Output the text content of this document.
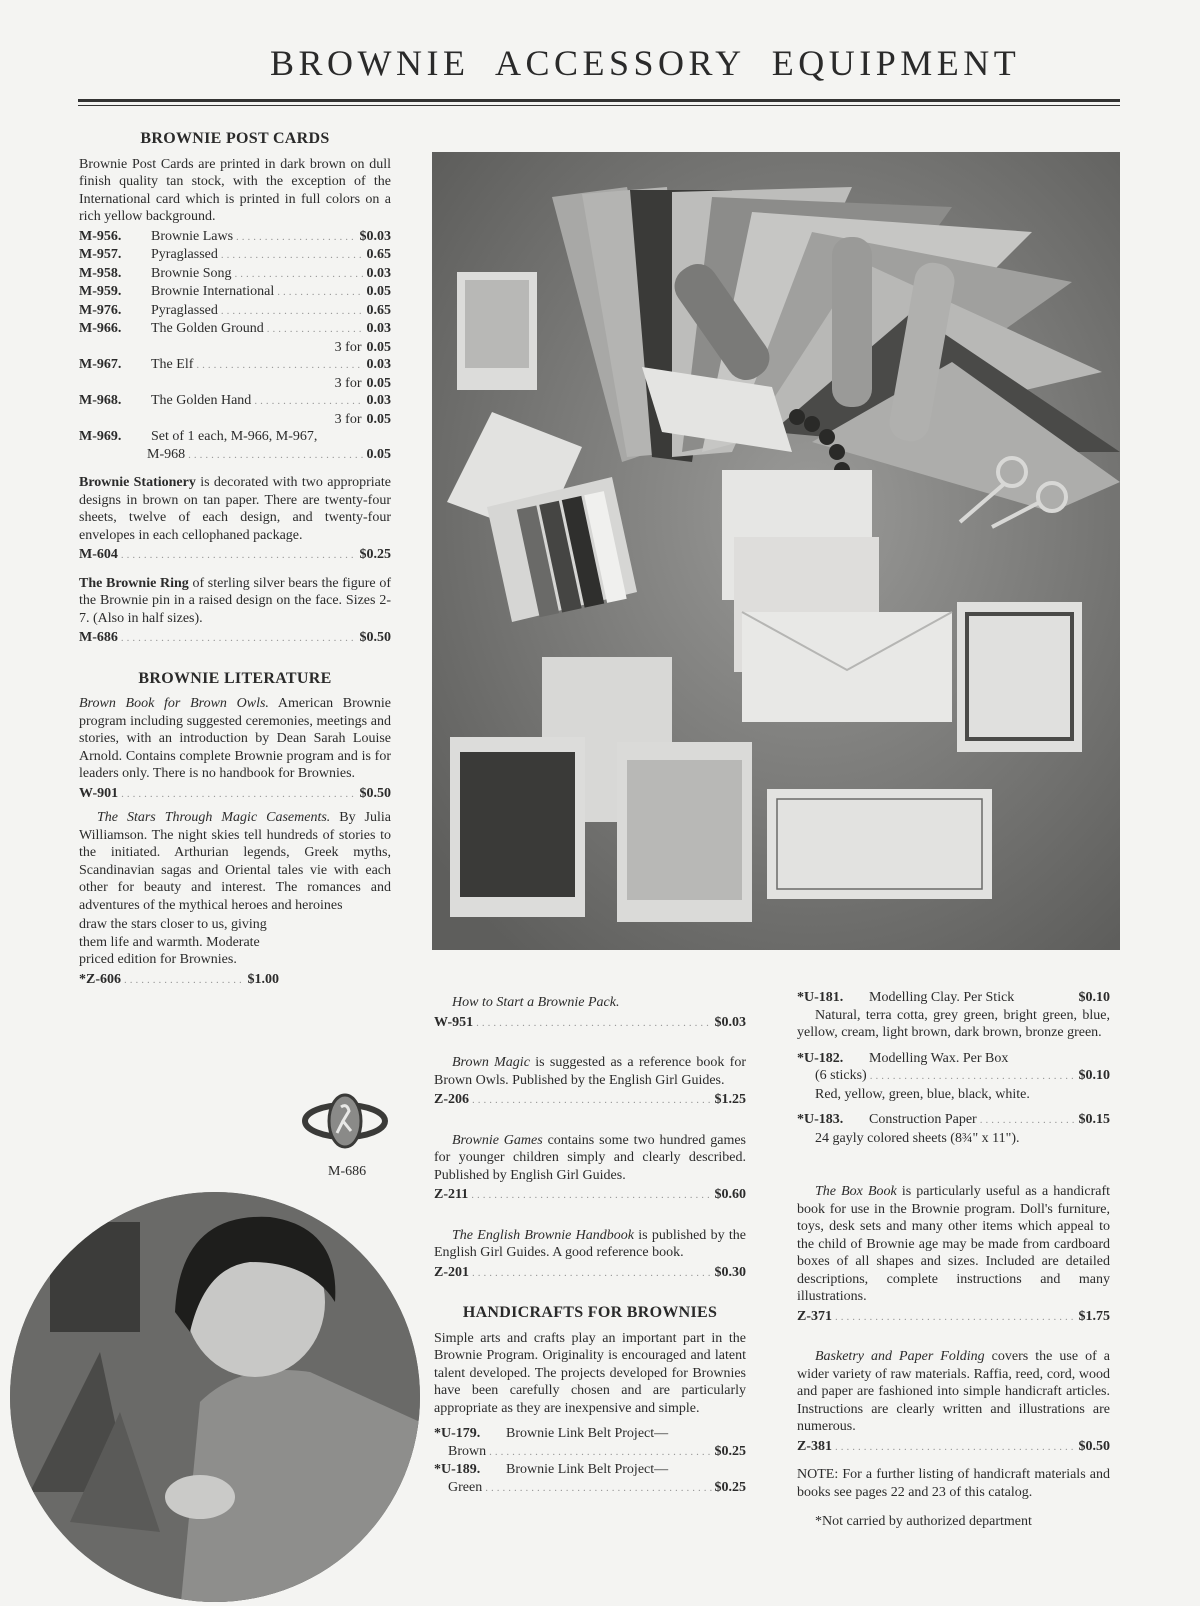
BROWNIE ACCESSORY EQUIPMENT
BROWNIE POST CARDS

Brownie Post Cards are printed in dark brown on dull finish quality tan stock, with the exception of the International card which is printed in full colors on a rich yellow background.

M-956.	Brownie Laws .....	$0.03
M-957.	Pyraglassed .....	0.65
M-958.	Brownie Song .....	0.03
M-959.	Brownie International .....	0.05
M-976.	Pyraglassed .....	0.65
M-966.	The Golden Ground .....	0.03
3 for 0.05
M-967.	The Elf .....	0.03
3 for 0.05
M-968.	The Golden Hand .....	0.03
3 for 0.05
M-969.	Set of 1 each, M-966, M-967,
M-968 .....	0.05

Brownie Stationery is decorated with two appropriate designs in brown on tan paper. There are twenty-four sheets, twelve of each design, and twenty-four envelopes in each cellophaned package.

M-604 .....	$0.25

The Brownie Ring of sterling silver bears the figure of the Brownie pin in a raised design on the face. Sizes 2-7. (Also in half sizes).

M-686 .....	$0.50
BROWNIE LITERATURE

Brown Book for Brown Owls. American Brownie program including suggested ceremonies, meetings and stories, with an introduction by Dean Sarah Louise Arnold. Contains complete Brownie program and is for leaders only. There is no handbook for Brownies.

W-901 .....	$0.50

The Stars Through Magic Casements. By Julia Williamson. The night skies tell hundreds of stories to the initiated. Arthurian legends, Greek myths, Scandinavian sagas and Oriental tales vie with each other for beauty and interest. The romances and adventures of the mythical heroes and heroines

draw the stars closer to us, giving them life and warmth. Moderate priced edition for Brownies.

*Z-606 .....	$1.00
M-686

How to Start a Brownie Pack.

W-951 .....	$0.03

Brown Magic is suggested as a reference book for Brown Owls. Published by the English Girl Guides.

Z-206 .....	$1.25

Brownie Games contains some two hundred games for younger children simply and clearly described. Published by English Girl Guides.

Z-211 .....	$0.60

The English Brownie Handbook is published by the English Girl Guides. A good reference book.

Z-201 .....	$0.30
HANDICRAFTS FOR BROWNIES

Simple arts and crafts play an important part in the Brownie Program. Originality is encouraged and latent talent developed. The projects developed for Brownies have been carefully chosen and are particularly appropriate as they are inexpensive and simple.

*U-179.	Brownie Link Belt Project—
Brown .....	$0.25
*U-189.	Brownie Link Belt Project—
Green .....	$0.25
*U-181.	Modelling Clay. Per Stick	$0.10

Natural, terra cotta, grey green, bright green, blue, yellow, cream, light brown, dark brown, bronze green.

*U-182.	Modelling Wax. Per Box
(6 sticks) .....	$0.10

Red, yellow, green, blue, black, white.

*U-183.	Construction Paper .....	$0.15

24 gayly colored sheets (8¾" x 11").

The Box Book is particularly useful as a handicraft book for use in the Brownie program. Doll's furniture, toys, desk sets and many other items which appeal to the child of Brownie age may be made from cardboard boxes of all shapes and sizes. Included are detailed descriptions, complete instructions and many illustrations.

Z-371 .....	$1.75

Basketry and Paper Folding covers the use of a wider variety of raw materials. Raffia, reed, cord, wood and paper are fashioned into simple handicraft articles. Instructions are clearly written and illustrations are numerous.

Z-381 .....	$0.50

NOTE: For a further listing of handicraft materials and books see pages 22 and 23 of this catalog.

*Not carried by authorized department
